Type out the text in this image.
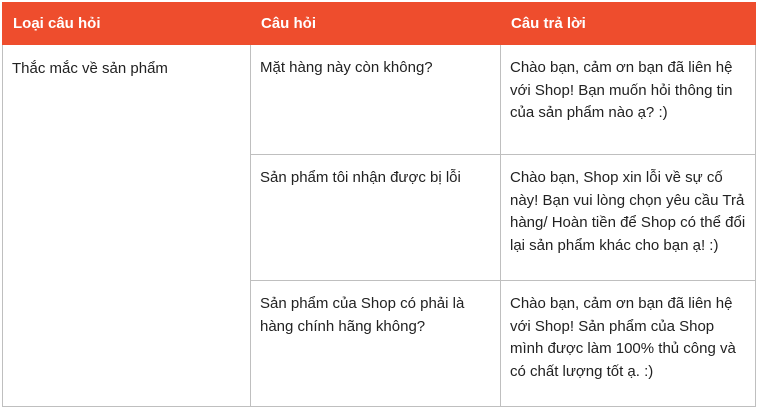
Loại câu hỏi	Câu hỏi	Câu trả lời
Thắc mắc về sản phẩm	Mặt hàng này còn không?	Chào bạn, cảm ơn bạn đã liên hệ với Shop! Bạn muốn hỏi thông tin của sản phẩm nào ạ? :)
	Sản phẩm tôi nhận được bị lỗi	Chào bạn, Shop xin lỗi về sự cố này! Bạn vui lòng chọn yêu cầu Trả hàng/ Hoàn tiền để Shop có thể đổi lại sản phẩm khác cho bạn ạ! :)
	Sản phẩm của Shop có phải là hàng chính hãng không?	Chào bạn, cảm ơn bạn đã liên hệ với Shop! Sản phẩm của Shop mình được làm 100% thủ công và có chất lượng tốt ạ. :)
